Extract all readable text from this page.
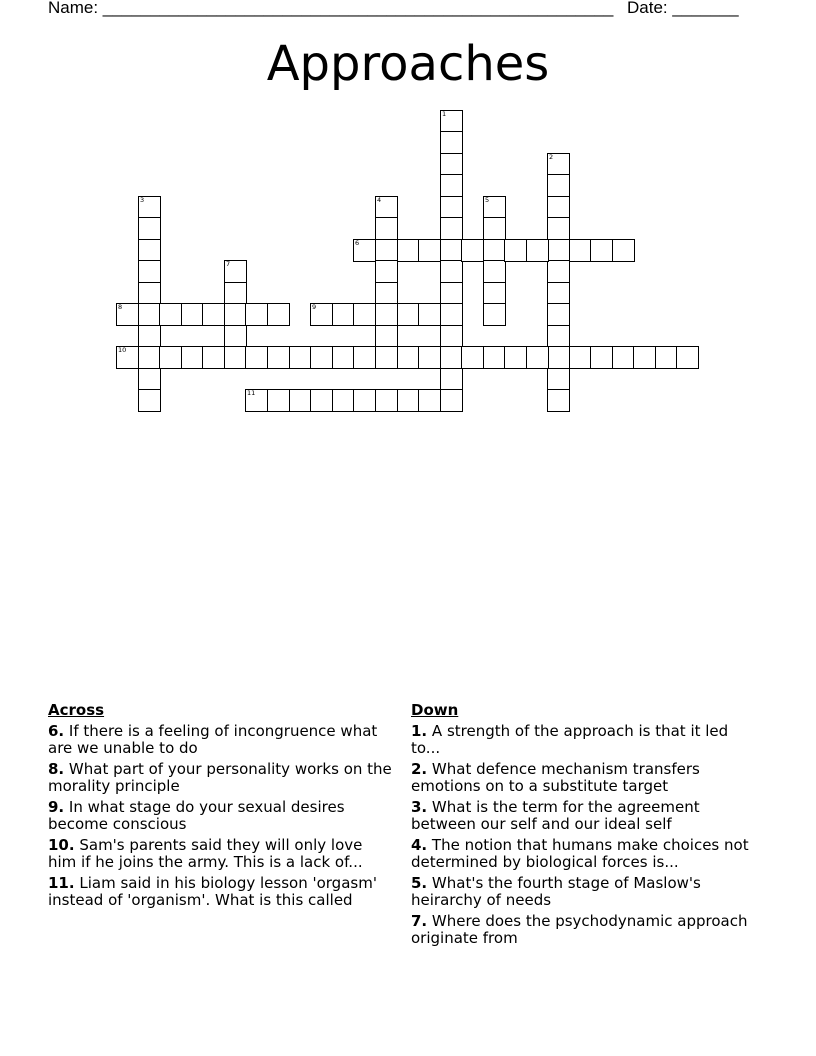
Name: ______________________________________________________ Date: _______
Approaches
1
2
3	4	5
7
6
8	9
10
11
Across
6. If there is a feeling of incongruence what are we unable to do
8. What part of your personality works on the morality principle
9. In what stage do your sexual desires become conscious
10. Sam's parents said they will only love him if he joins the army. This is a lack of...
11. Liam said in his biology lesson 'orgasm' instead of 'organism'. What is this called
Down
1. A strength of the approach is that it led to...
2. What defence mechanism transfers emotions on to a substitute target
3. What is the term for the agreement between our self and our ideal self
4. The notion that humans make choices not determined by biological forces is...
5. What's the fourth stage of Maslow's heirarchy of needs
7. Where does the psychodynamic approach originate from
